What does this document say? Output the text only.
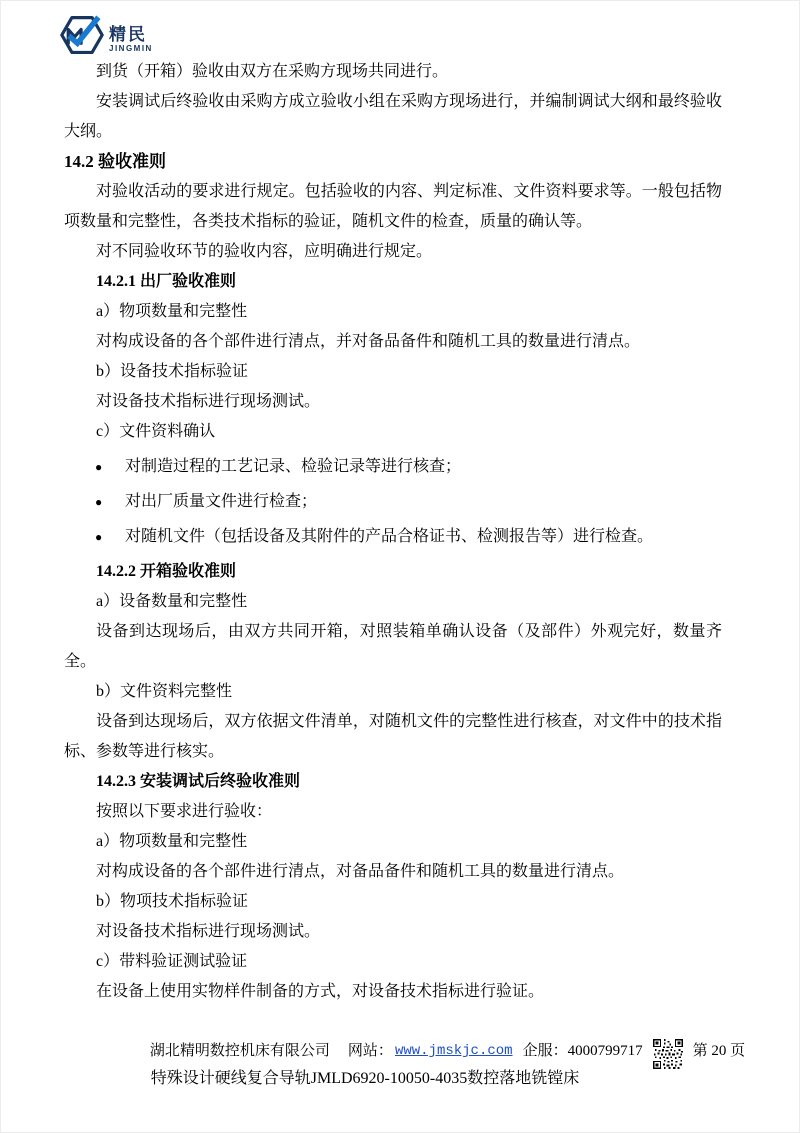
精民
JINGMIN

到货（开箱）验收由双方在采购方现场共同进行。

安装调试后终验收由采购方成立验收小组在采购方现场进行，并编制调试大纲和最终验收大纲。

14.2 验收准则

对验收活动的要求进行规定。包括验收的内容、判定标准、文件资料要求等。一般包括物项数量和完整性，各类技术指标的验证，随机文件的检查，质量的确认等。

对不同验收环节的验收内容，应明确进行规定。

14.2.1 出厂验收准则

a）物项数量和完整性

对构成设备的各个部件进行清点，并对备品备件和随机工具的数量进行清点。

b）设备技术指标验证

对设备技术指标进行现场测试。

c）文件资料确认

● 对制造过程的工艺记录、检验记录等进行核查；
● 对出厂质量文件进行检查；
● 对随机文件（包括设备及其附件的产品合格证书、检测报告等）进行检查。

14.2.2 开箱验收准则

a）设备数量和完整性

设备到达现场后，由双方共同开箱，对照装箱单确认设备（及部件）外观完好，数量齐全。

b）文件资料完整性

设备到达现场后，双方依据文件清单，对随机文件的完整性进行核查，对文件中的技术指标、参数等进行核实。

14.2.3 安装调试后终验收准则

按照以下要求进行验收：

a）物项数量和完整性

对构成设备的各个部件进行清点，对备品备件和随机工具的数量进行清点。

b）物项技术指标验证

对设备技术指标进行现场测试。

c）带料验证测试验证

在设备上使用实物样件制备的方式，对设备技术指标进行验证。

湖北精明数控机床有限公司 网站： www.jmskjc.com 企服： 4000799717	第 20 页
特殊设计硬线复合导轨JMLD6920-10050-4035数控落地铣镗床
